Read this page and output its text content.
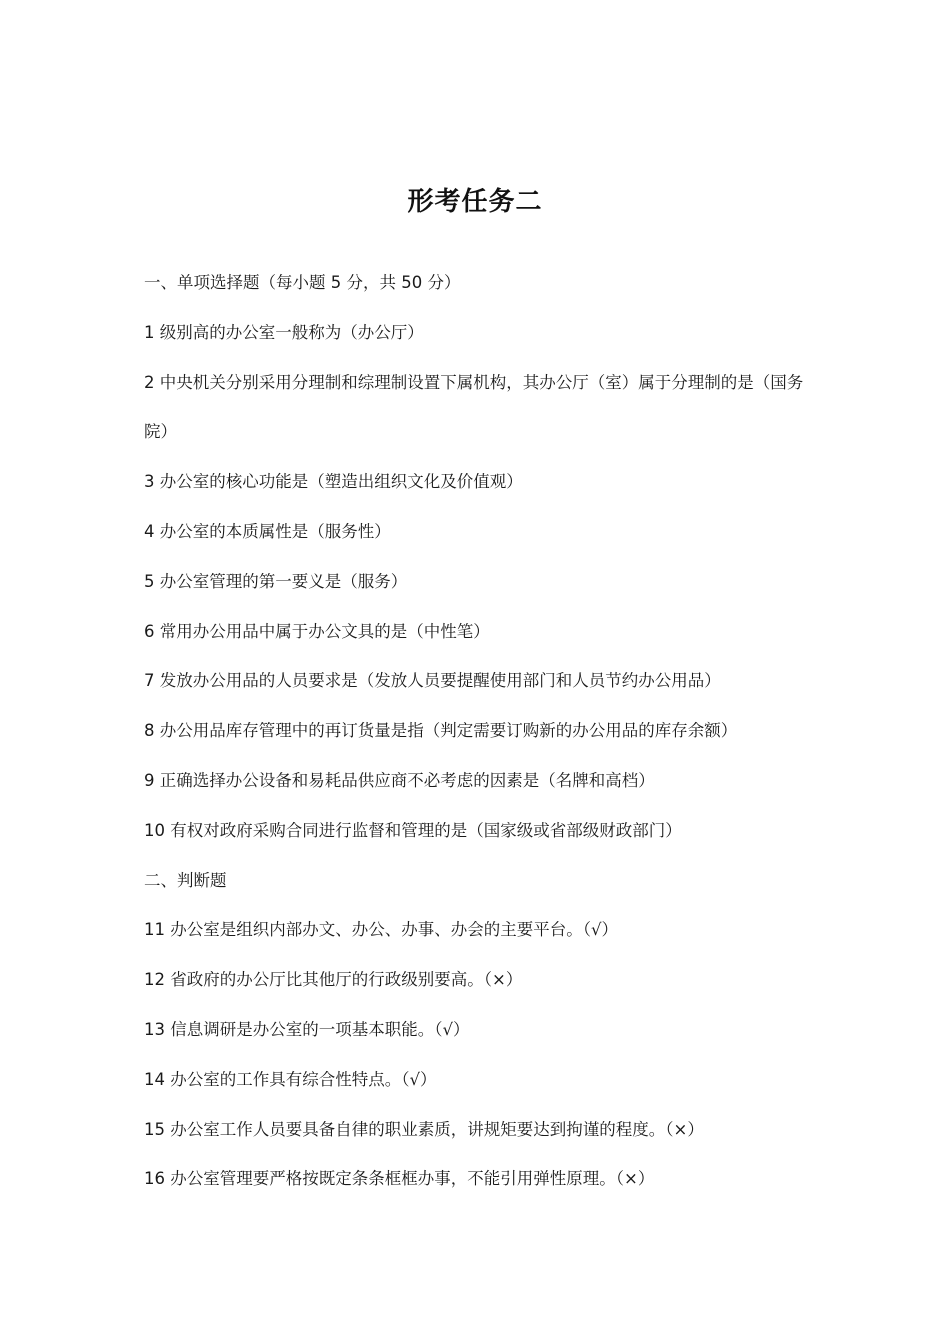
形考任务二
一、单项选择题（每小题 5 分，共 50 分）
1 级别高的办公室一般称为（办公厅）
2 中央机关分别采用分理制和综理制设置下属机构，其办公厅（室）属于分理制的是（国务院）
3 办公室的核心功能是（塑造出组织文化及价值观）
4 办公室的本质属性是（服务性）
5 办公室管理的第一要义是（服务）
6 常用办公用品中属于办公文具的是（中性笔）
7 发放办公用品的人员要求是（发放人员要提醒使用部门和人员节约办公用品）
8 办公用品库存管理中的再订货量是指（判定需要订购新的办公用品的库存余额）
9 正确选择办公设备和易耗品供应商不必考虑的因素是（名牌和高档）
10 有权对政府采购合同进行监督和管理的是（国家级或省部级财政部门）
二、判断题
11 办公室是组织内部办文、办公、办事、办会的主要平台。（√）
12 省政府的办公厅比其他厅的行政级别要高。（×）
13 信息调研是办公室的一项基本职能。（√）
14 办公室的工作具有综合性特点。（√）
15 办公室工作人员要具备自律的职业素质，讲规矩要达到拘谨的程度。（×）
16 办公室管理要严格按既定条条框框办事，不能引用弹性原理。（×）
